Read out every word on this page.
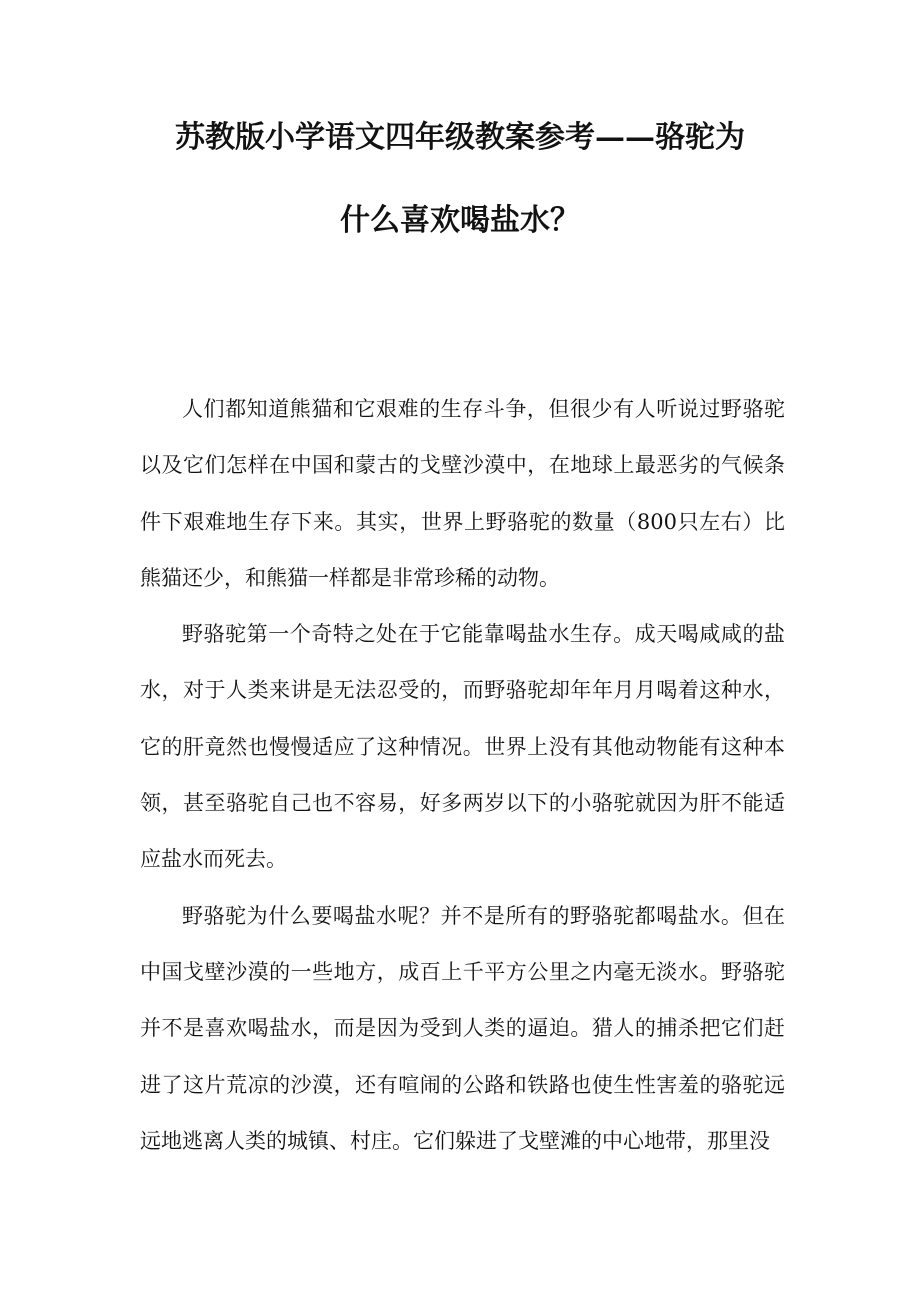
苏教版小学语文四年级教案参考——骆驼为
什么喜欢喝盐水？

人们都知道熊猫和它艰难的生存斗争，但很少有人听说过野骆驼以及它们怎样在中国和蒙古的戈壁沙漠中，在地球上最恶劣的气候条件下艰难地生存下来。其实，世界上野骆驼的数量（800只左右）比熊猫还少，和熊猫一样都是非常珍稀的动物。

野骆驼第一个奇特之处在于它能靠喝盐水生存。成天喝咸咸的盐水，对于人类来讲是无法忍受的，而野骆驼却年年月月喝着这种水，它的肝竟然也慢慢适应了这种情况。世界上没有其他动物能有这种本领，甚至骆驼自己也不容易，好多两岁以下的小骆驼就因为肝不能适应盐水而死去。

野骆驼为什么要喝盐水呢？并不是所有的野骆驼都喝盐水。但在中国戈壁沙漠的一些地方，成百上千平方公里之内毫无淡水。野骆驼并不是喜欢喝盐水，而是因为受到人类的逼迫。猎人的捕杀把它们赶进了这片荒凉的沙漠，还有喧闹的公路和铁路也使生性害羞的骆驼远远地逃离人类的城镇、村庄。它们躲进了戈壁滩的中心地带，那里没
